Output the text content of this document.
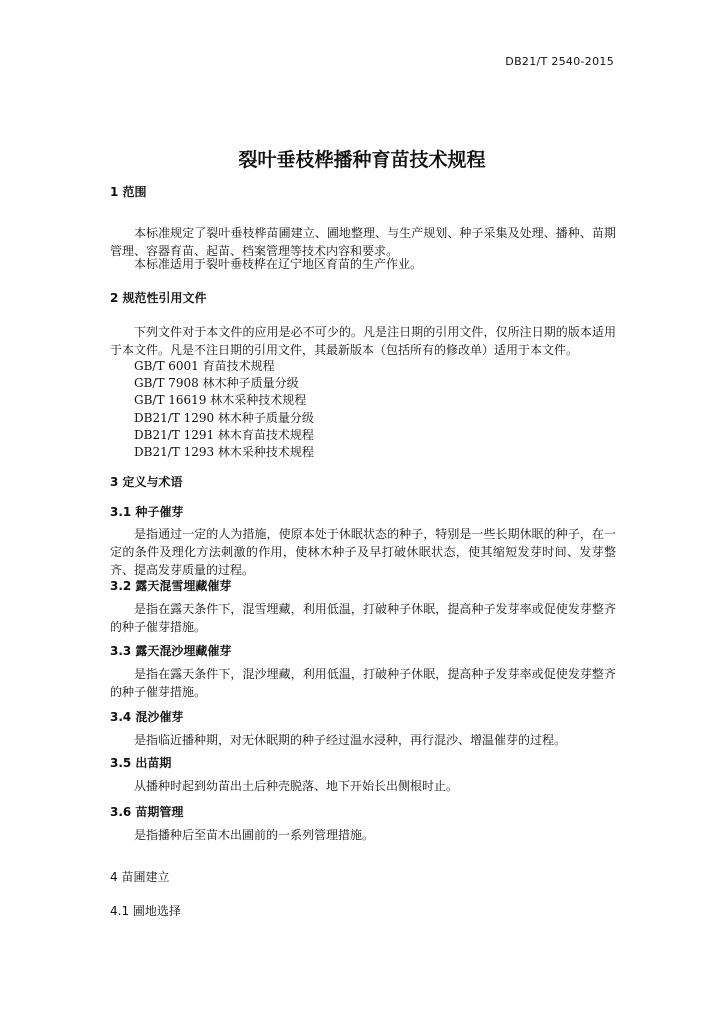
DB21/T 2540-2015
裂叶垂枝桦播种育苗技术规程
1 范围
本标准规定了裂叶垂枝桦苗圃建立、圃地整理、与生产规划、种子采集及处理、播种、苗期管理、容器育苗、起苗、档案管理等技术内容和要求。
本标准适用于裂叶垂枝桦在辽宁地区育苗的生产作业。
2 规范性引用文件
下列文件对于本文件的应用是必不可少的。凡是注日期的引用文件，仅所注日期的版本适用于本文件。凡是不注日期的引用文件，其最新版本（包括所有的修改单）适用于本文件。
GB/T 6001 育苗技术规程
GB/T 7908 林木种子质量分级
GB/T 16619 林木采种技术规程
DB21/T 1290 林木种子质量分级
DB21/T 1291 林木育苗技术规程
DB21/T 1293 林木采种技术规程
3 定义与术语
3.1 种子催芽
是指通过一定的人为措施，使原本处于休眠状态的种子，特别是一些长期休眠的种子，在一定的条件及理化方法刺激的作用，使林木种子及早打破休眠状态，使其缩短发芽时间、发芽整齐、提高发芽质量的过程。
3.2 露天混雪埋藏催芽
是指在露天条件下，混雪埋藏，利用低温，打破种子休眠，提高种子发芽率或促使发芽整齐的种子催芽措施。
3.3 露天混沙埋藏催芽
是指在露天条件下，混沙埋藏，利用低温，打破种子休眠，提高种子发芽率或促使发芽整齐的种子催芽措施。
3.4 混沙催芽
是指临近播种期，对无休眠期的种子经过温水浸种，再行混沙、增温催芽的过程。
3.5 出苗期
从播种时起到幼苗出土后种壳脱落、地下开始长出侧根时止。
3.6 苗期管理
是指播种后至苗木出圃前的一系列管理措施。
4 苗圃建立
4.1 圃地选择
